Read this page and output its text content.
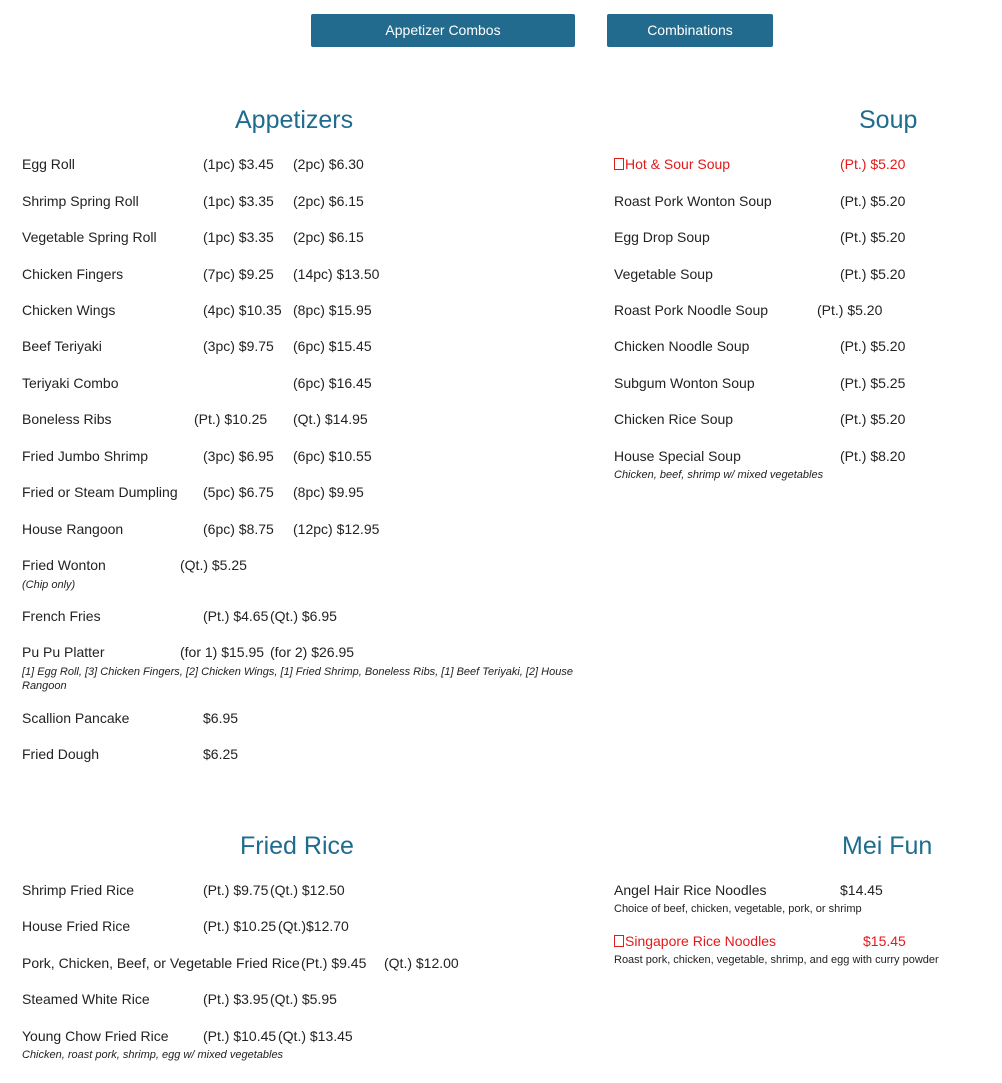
Appetizer Combos	Combinations
Appetizers
Egg Roll	(1pc) $3.45 (2pc) $6.30
Shrimp Spring Roll	(1pc) $3.35 (2pc) $6.15
Vegetable Spring Roll	(1pc) $3.35 (2pc) $6.15
Chicken Fingers	(7pc) $9.25 (14pc) $13.50
Chicken Wings	(4pc) $10.35 (8pc) $15.95
Beef Teriyaki	(3pc) $9.75 (6pc) $15.45
Teriyaki Combo	(6pc) $16.45
Boneless Ribs	(Pt.) $10.25 (Qt.) $14.95
Fried Jumbo Shrimp	(3pc) $6.95 (6pc) $10.55
Fried or Steam Dumpling (5pc) $6.75 (8pc) $9.95
House Rangoon	(6pc) $8.75 (12pc) $12.95
Fried Wonton	(Qt.) $5.25
(Chip only)
French Fries	(Pt.) $4.65 (Qt.) $6.95
Pu Pu Platter	(for 1) $15.95 (for 2) $26.95
[1] Egg Roll, [3] Chicken Fingers, [2] Chicken Wings, [1] Fried Shrimp, Boneless Ribs, [1] Beef Teriyaki, [2] House Rangoon
Scallion Pancake	$6.95
Fried Dough	$6.25
Soup
Hot & Sour Soup	(Pt.) $5.20
Roast Pork Wonton Soup	(Pt.) $5.20
Egg Drop Soup	(Pt.) $5.20
Vegetable Soup	(Pt.) $5.20
Roast Pork Noodle Soup	(Pt.) $5.20
Chicken Noodle Soup	(Pt.) $5.20
Subgum Wonton Soup	(Pt.) $5.25
Chicken Rice Soup	(Pt.) $5.20
House Special Soup	(Pt.) $8.20
Chicken, beef, shrimp w/ mixed vegetables
Fried Rice
Shrimp Fried Rice	(Pt.) $9.75 (Qt.) $12.50
House Fried Rice	(Pt.) $10.25 (Qt.)$12.70
Pork, Chicken, Beef, or Vegetable Fried Rice (Pt.) $9.45 (Qt.) $12.00
Steamed White Rice	(Pt.) $3.95 (Qt.) $5.95
Young Chow Fried Rice (Pt.) $10.45 (Qt.) $13.45
Chicken, roast pork, shrimp, egg w/ mixed vegetables
Mei Fun
Angel Hair Rice Noodles	$14.45
Choice of beef, chicken, vegetable, pork, or shrimp
Singapore Rice Noodles	$15.45
Roast pork, chicken, vegetable, shrimp, and egg with curry powder
